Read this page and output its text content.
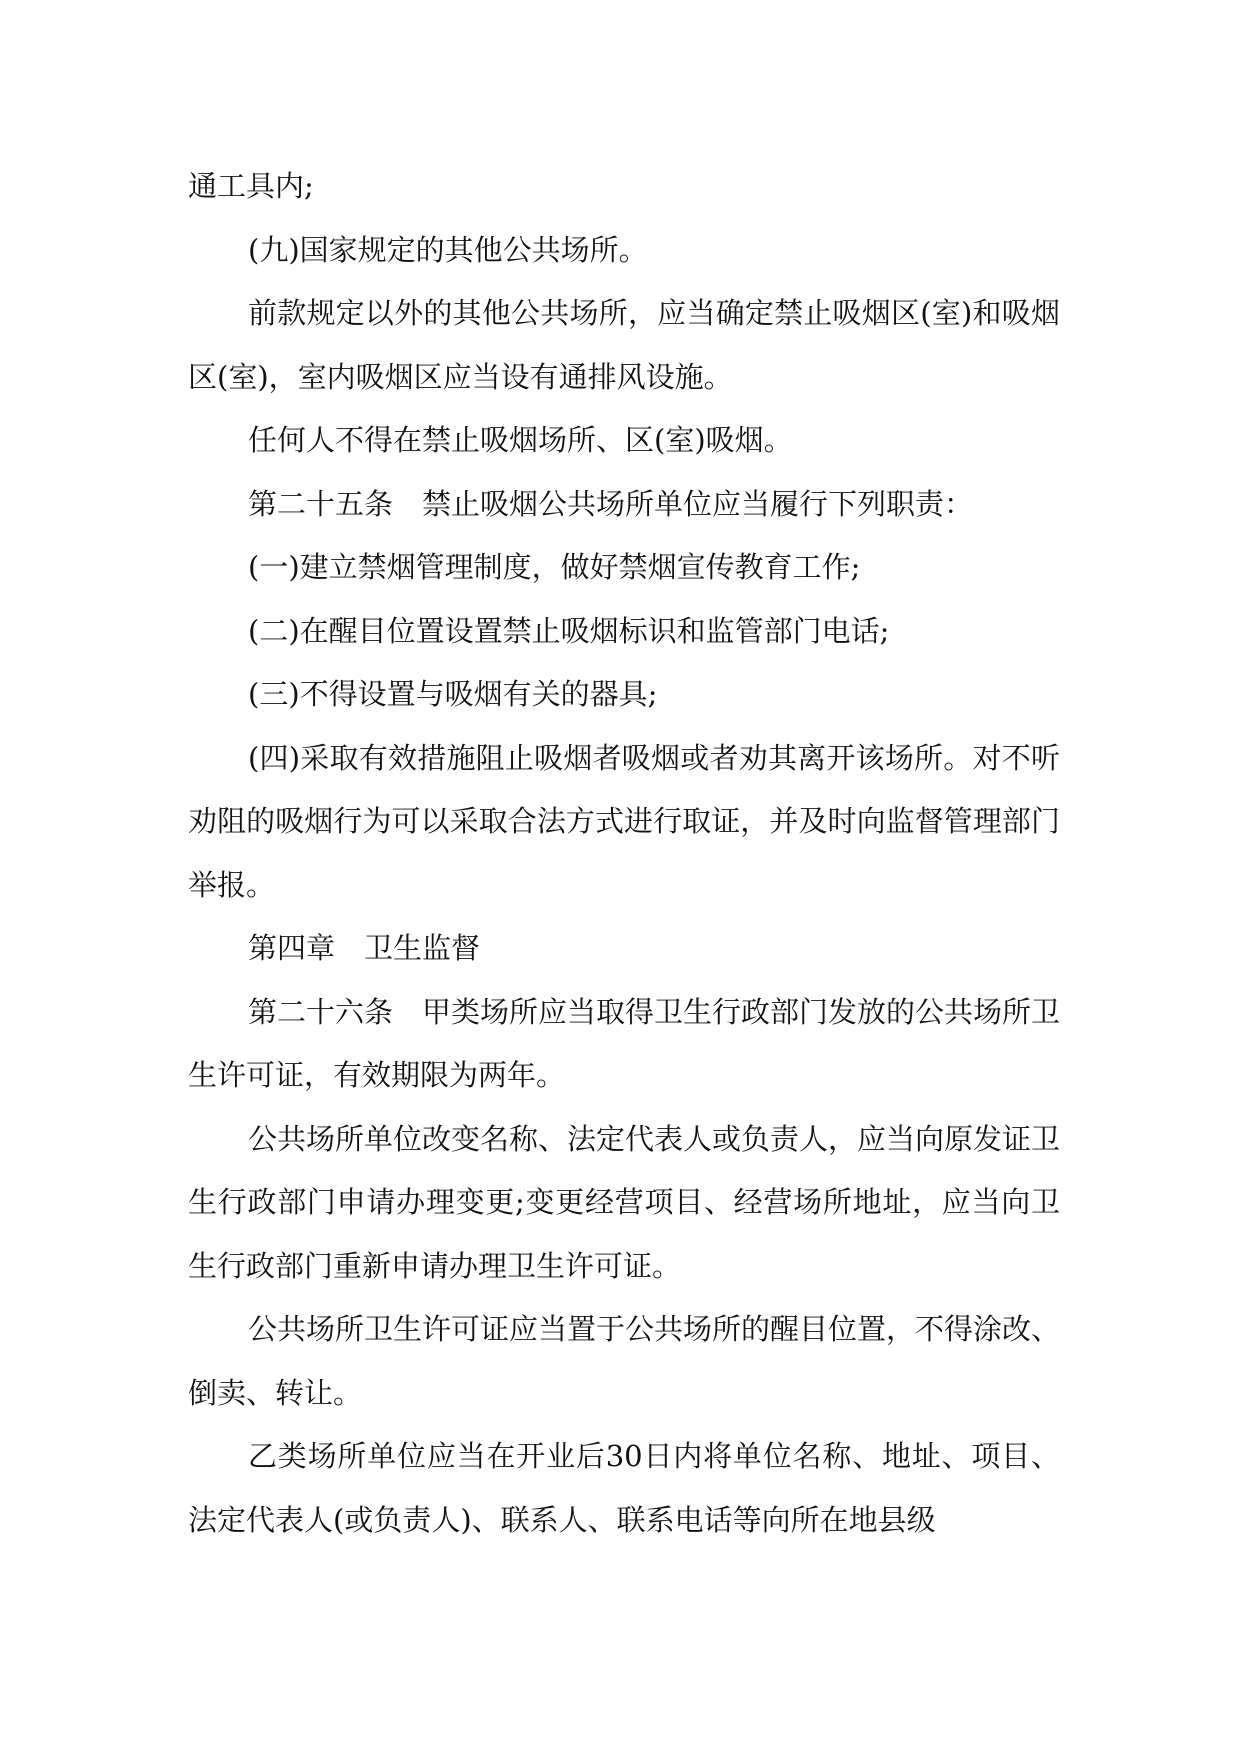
通工具内;

(九)国家规定的其他公共场所。

前款规定以外的其他公共场所，应当确定禁止吸烟区(室)和吸烟区(室)，室内吸烟区应当设有通排风设施。

任何人不得在禁止吸烟场所、区(室)吸烟。

第二十五条　禁止吸烟公共场所单位应当履行下列职责：

(一)建立禁烟管理制度，做好禁烟宣传教育工作;

(二)在醒目位置设置禁止吸烟标识和监管部门电话;

(三)不得设置与吸烟有关的器具;

(四)采取有效措施阻止吸烟者吸烟或者劝其离开该场所。对不听劝阻的吸烟行为可以采取合法方式进行取证，并及时向监督管理部门举报。

第四章　卫生监督

第二十六条　甲类场所应当取得卫生行政部门发放的公共场所卫生许可证，有效期限为两年。

公共场所单位改变名称、法定代表人或负责人，应当向原发证卫生行政部门申请办理变更;变更经营项目、经营场所地址，应当向卫生行政部门重新申请办理卫生许可证。

公共场所卫生许可证应当置于公共场所的醒目位置，不得涂改、倒卖、转让。

乙类场所单位应当在开业后30日内将单位名称、地址、项目、法定代表人(或负责人)、联系人、联系电话等向所在地县级
